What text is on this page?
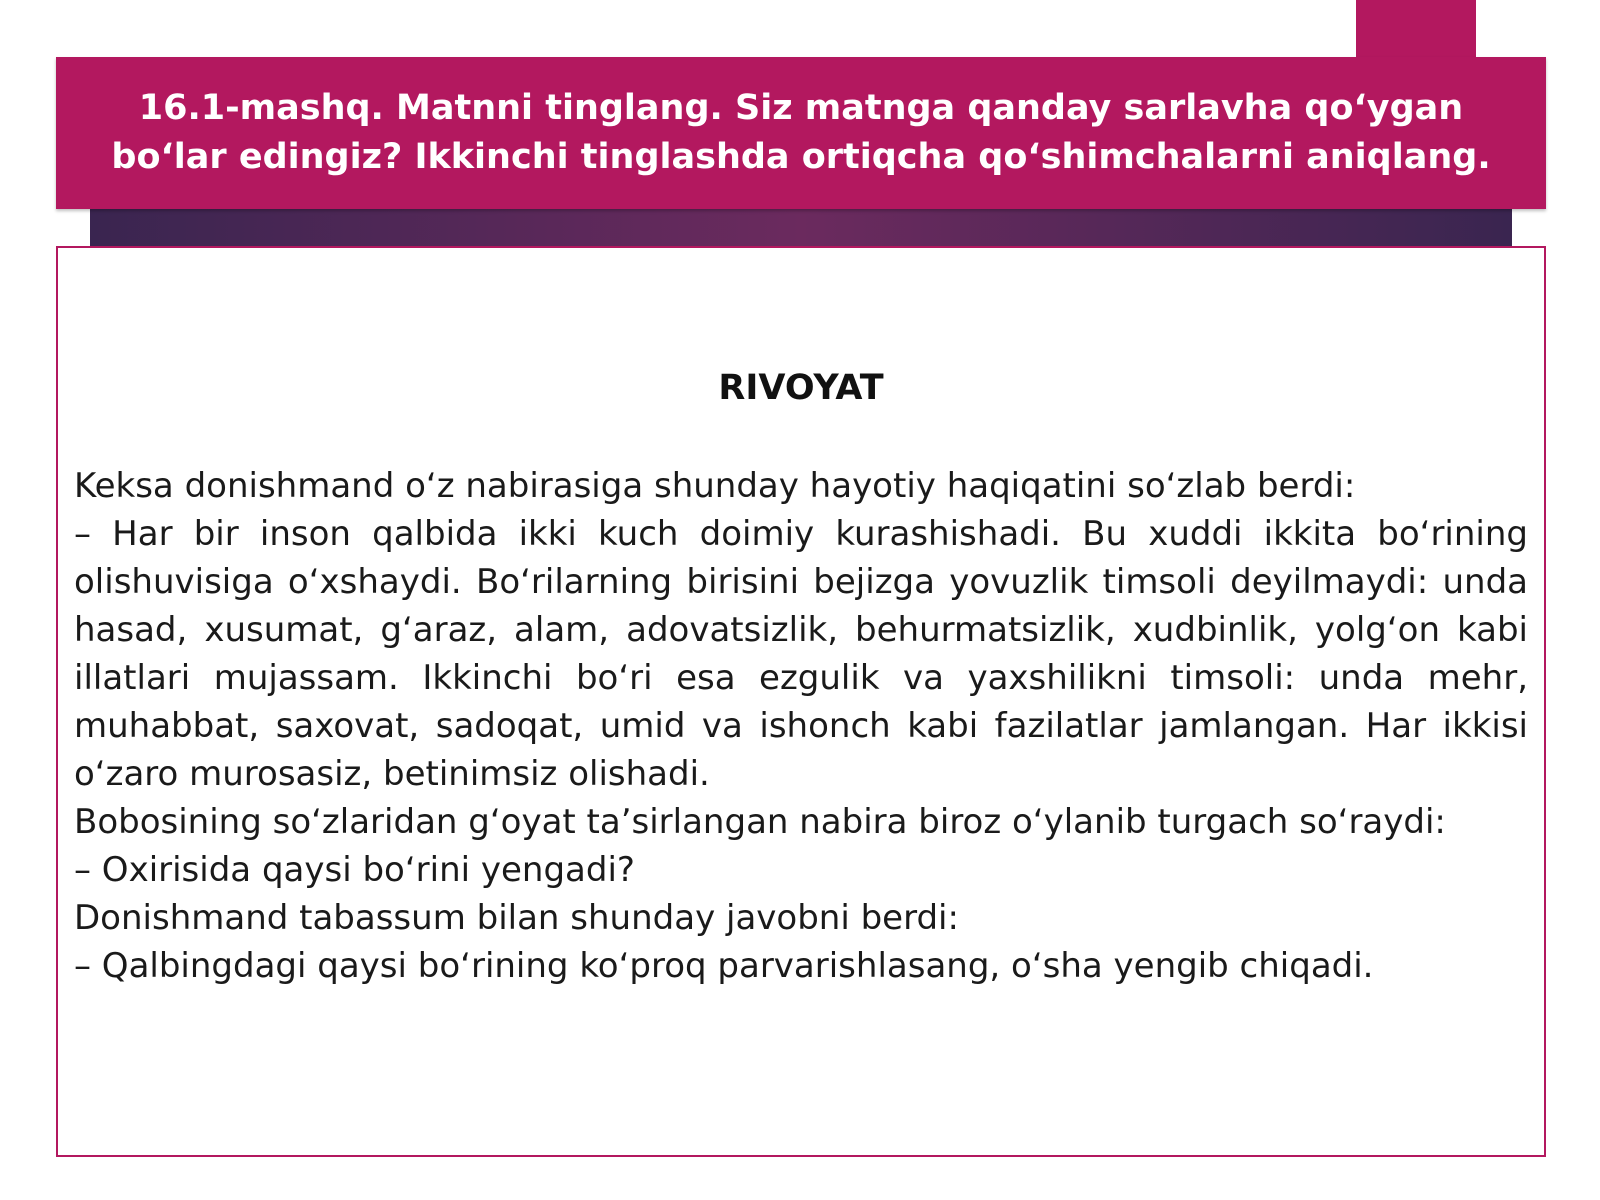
16.1-mashq. Matnni tinglang. Siz matnga qanday sarlavha qoʻygan boʻlar edingiz? Ikkinchi tinglashda ortiqcha qoʻshimchalarni aniqlang.

RIVOYAT

Keksa donishmand oʻz nabirasiga shunday hayotiy haqiqatini soʻzlab berdi:

– Har bir inson qalbida ikki kuch doimiy kurashishadi. Bu xuddi ikkita boʻrining olishuvisiga oʻxshaydi. Boʻrilarning birisini bejizga yovuzlik timsoli deyilmaydi: unda hasad, xusumat, gʻaraz, alam, adovatsizlik, behurmatsizlik, xudbinlik, yolgʻon kabi illatlari mujassam. Ikkinchi boʻri esa ezgulik va yaxshilikni timsoli: unda mehr, muhabbat, saxovat, sadoqat, umid va ishonch kabi fazilatlar jamlangan. Har ikkisi oʻzaro murosasiz, betinimsiz olishadi.

Bobosining soʻzlaridan gʻoyat taʼsirlangan nabira biroz oʻylanib turgach soʻraydi:

– Oxirisida qaysi boʻrini yengadi?

Donishmand tabassum bilan shunday javobni berdi:

– Qalbingdagi qaysi boʻrining koʻproq parvarishlasang, oʻsha yengib chiqadi.
